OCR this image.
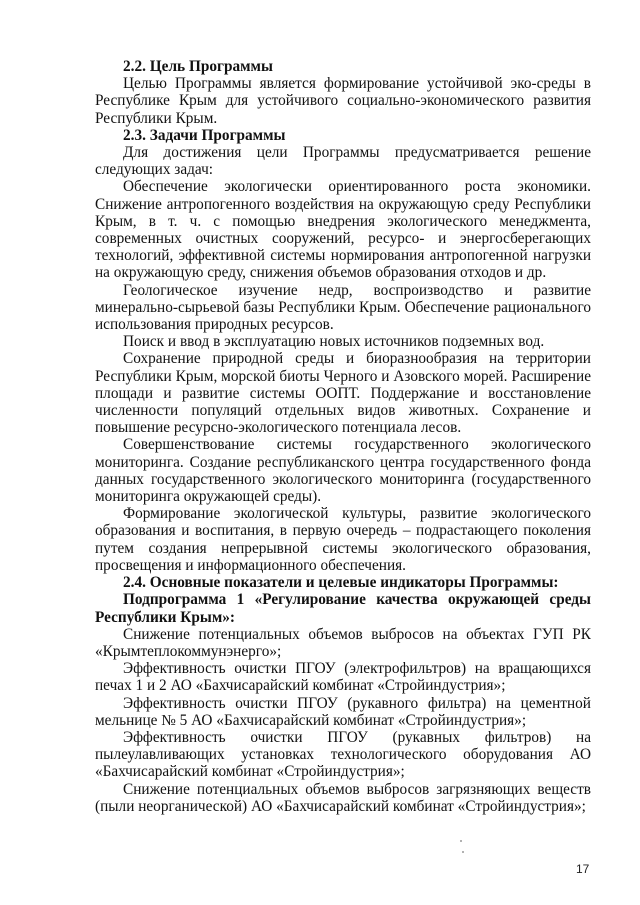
2.2. Цель Программы

Целью Программы является формирование устойчивой эко-среды в Республике Крым для устойчивого социально-экономического развития Республики Крым.

2.3. Задачи Программы

Для достижения цели Программы предусматривается решение следующих задач:

Обеспечение экологически ориентированного роста экономики. Снижение антропогенного воздействия на окружающую среду Республики Крым, в т. ч. с помощью внедрения экологического менеджмента, современных очистных сооружений, ресурсо- и энергосберегающих технологий, эффективной системы нормирования антропогенной нагрузки на окружающую среду, снижения объемов образования отходов и др.

Геологическое изучение недр, воспроизводство и развитие минерально-сырьевой базы Республики Крым. Обеспечение рационального использования природных ресурсов.

Поиск и ввод в эксплуатацию новых источников подземных вод.

Сохранение природной среды и биоразнообразия на территории Республики Крым, морской биоты Черного и Азовского морей. Расширение площади и развитие системы ООПТ. Поддержание и восстановление численности популяций отдельных видов животных. Сохранение и повышение ресурсно-экологического потенциала лесов.

Совершенствование системы государственного экологического мониторинга. Создание республиканского центра государственного фонда данных государственного экологического мониторинга (государственного мониторинга окружающей среды).

Формирование экологической культуры, развитие экологического образования и воспитания, в первую очередь – подрастающего поколения путем создания непрерывной системы экологического образования, просвещения и информационного обеспечения.

2.4. Основные показатели и целевые индикаторы Программы:

Подпрограмма 1 «Регулирование качества окружающей среды Республики Крым»:

Снижение потенциальных объемов выбросов на объектах ГУП РК «Крымтеплокоммунэнерго»;

Эффективность очистки ПГОУ (электрофильтров) на вращающихся печах 1 и 2 АО «Бахчисарайский комбинат «Стройиндустрия»;

Эффективность очистки ПГОУ (рукавного фильтра) на цементной мельнице № 5 АО «Бахчисарайский комбинат «Стройиндустрия»;

Эффективность очистки ПГОУ (рукавных фильтров) на пылеулавливающих установках технологического оборудования АО «Бахчисарайский комбинат «Стройиндустрия»;

Снижение потенциальных объемов выбросов загрязняющих веществ (пыли неорганической) АО «Бахчисарайский комбинат «Стройиндустрия»;

17
